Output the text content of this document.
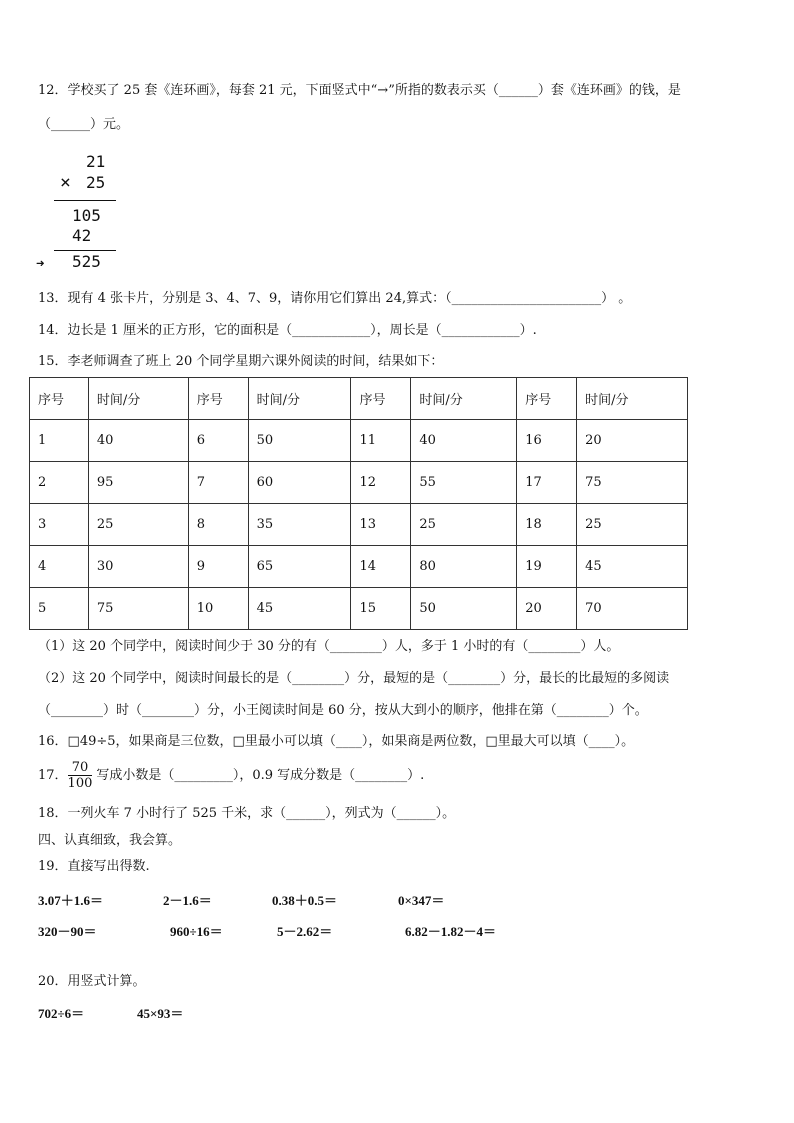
12．学校买了 25 套《连环画》，每套 21 元，下面竖式中“→”所指的数表示买（______）套《连环画》的钱，是
（______）元。
21
× 25
105
42
➜ 525
13．现有 4 张卡片，分别是 3、4、7、9，请你用它们算出 24,算式：（_______________________） 。
14．边长是 1 厘米的正方形，它的面积是（____________），周长是（____________）.
15．李老师调查了班上 20 个同学星期六课外阅读的时间，结果如下：
序号	时间/分	序号	时间/分	序号	时间/分	序号	时间/分
1	40	6	50	11	40	16	20
2	95	7	60	12	55	17	75
3	25	8	35	13	25	18	25
4	30	9	65	14	80	19	45
5	75	10	45	15	50	20	70
（1）这 20 个同学中，阅读时间少于 30 分的有（________）人，多于 1 小时的有（________）人。
（2）这 20 个同学中，阅读时间最长的是（________）分，最短的是（________）分，最长的比最短的多阅读
（________）时（________）分，小王阅读时间是 60 分，按从大到小的顺序，他排在第（________）个。
16．□49÷5，如果商是三位数，□里最小可以填（____），如果商是两位数，□里最大可以填（____）。
17． $\frac{70}{100}$ 写成小数是（_________），0.9 写成分数是（________）.
18．一列火车 7 小时行了 525 千米，求（______），列式为（______）。
四、认真细致，我会算。
19．直接写出得数.
3.07＋1.6＝	2－1.6＝	0.38＋0.5＝	0×347＝
320－90＝	960÷16＝	5－2.62＝	6.82－1.82－4＝
20．用竖式计算。
702÷6＝	45×93＝
